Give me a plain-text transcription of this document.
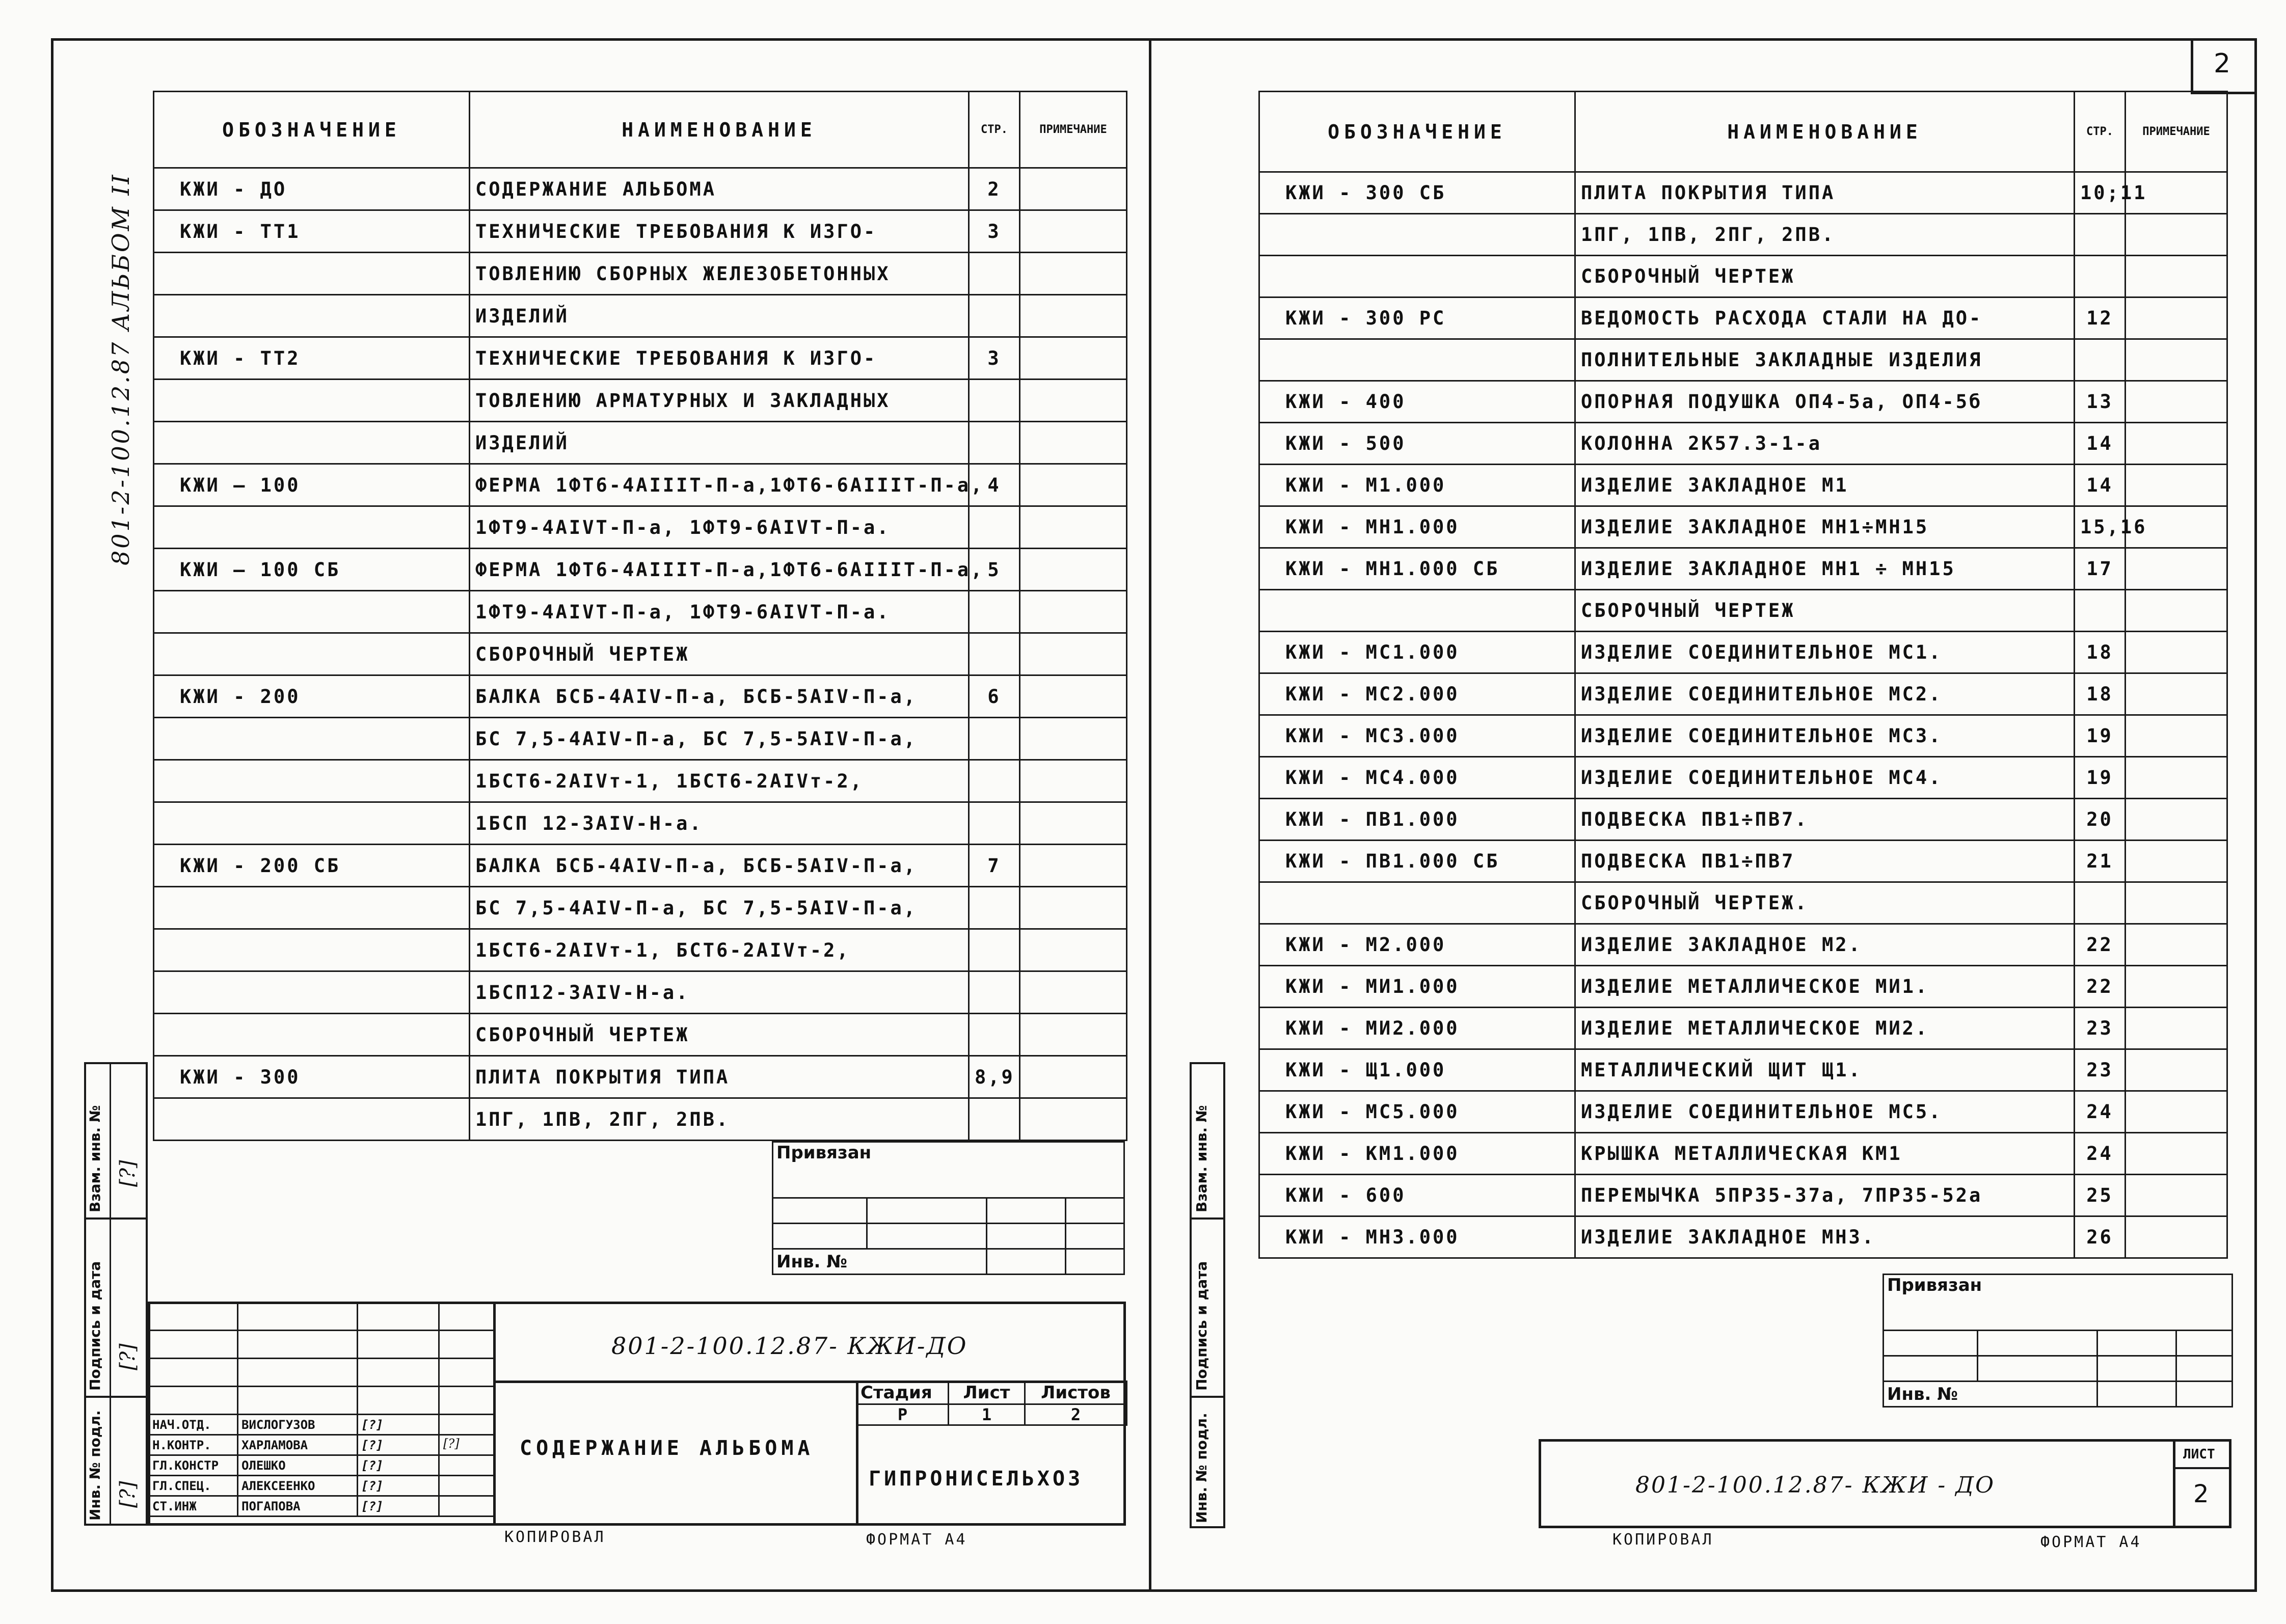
801-2-100.12.87 АЛЬБОМ II
ОБОЗНАЧЕНИЕ	НАИМЕНОВАНИЕ	СТР.	ПРИМЕЧАНИЕ
КЖИ - ДО	СОДЕРЖАНИЕ АЛЬБОМА	2	
КЖИ - ТТ1	ТЕХНИЧЕСКИЕ ТРЕБОВАНИЯ К ИЗГО-	3	
	ТОВЛЕНИЮ СБОРНЫХ ЖЕЛЕЗОБЕТОННЫХ		
	ИЗДЕЛИЙ		
КЖИ - ТТ2	ТЕХНИЧЕСКИЕ ТРЕБОВАНИЯ К ИЗГО-	3	
	ТОВЛЕНИЮ АРМАТУРНЫХ И ЗАКЛАДНЫХ		
	ИЗДЕЛИЙ		
КЖИ — 100	ФЕРМА 1ФТ6-4АIIIТ-П-а,1ФТ6-6АIIIТ-П-а,	4	
	1ФТ9-4АIVТ-П-а, 1ФТ9-6АIVТ-П-а.		
КЖИ — 100 СБ	ФЕРМА 1ФТ6-4АIIIТ-П-а,1ФТ6-6АIIIТ-П-а,	5	
	1ФТ9-4АIVТ-П-а, 1ФТ9-6АIVТ-П-а.		
	СБОРОЧНЫЙ ЧЕРТЕЖ		
КЖИ - 200	БАЛКА БСБ-4АIV-П-а, БСБ-5АIV-П-а,	6	
	БС 7,5-4АIV-П-а, БС 7,5-5АIV-П-а,		
	1БСТ6-2АIVт-1, 1БСТ6-2АIVт-2,		
	1БСП 12-3АIV-Н-а.		
КЖИ - 200 СБ	БАЛКА БСБ-4АIV-П-а, БСБ-5АIV-П-а,	7	
	БС 7,5-4АIV-П-а, БС 7,5-5АIV-П-а,		
	1БСТ6-2АIVт-1, БСТ6-2АIVт-2,		
	1БСП12-3АIV-Н-а.		
	СБОРОЧНЫЙ ЧЕРТЕЖ		
КЖИ - 300	ПЛИТА ПОКРЫТИЯ ТИПА	8,9	
	1ПГ, 1ПВ, 2ПГ, 2ПВ.		
Привязан			

Инв. №			

НАЧ.ОТД.	ВИСЛОГУЗОВ	[?]	
Н.КОНТР.	ХАРЛАМОВА	[?]	
ГЛ.КОНСТР	ОЛЕШКО	[?]	
ГЛ.СПЕЦ.	АЛЕКСЕЕНКО	[?]	
СТ.ИНЖ	ПОГАПОВА	[?]	
801-2-100.12.87- КЖИ-ДО
СОДЕРЖАНИЕ АЛЬБОМА
Стадия	Лист	Листов
Р	1	2
ГИПРОНИСЕЛЬХОЗ
Взам. инв. №
Подпись и дата
Инв. № подл.
[?]
[?]
[?]
[?]
КОПИРОВАЛ	ФОРМАТ А4
2
ОБОЗНАЧЕНИЕ	НАИМЕНОВАНИЕ	СТР.	ПРИМЕЧАНИЕ
КЖИ - 300 СБ	ПЛИТА ПОКРЫТИЯ ТИПА	10;11	
	1ПГ, 1ПВ, 2ПГ, 2ПВ.		
	СБОРОЧНЫЙ ЧЕРТЕЖ		
КЖИ - 300 РС	ВЕДОМОСТЬ РАСХОДА СТАЛИ НА ДО-	12	
	ПОЛНИТЕЛЬНЫЕ ЗАКЛАДНЫЕ ИЗДЕЛИЯ		
КЖИ - 400	ОПОРНАЯ ПОДУШКА ОП4-5а, ОП4-5б	13	
КЖИ - 500	КОЛОННА 2К57.3-1-а	14	
КЖИ - М1.000	ИЗДЕЛИЕ ЗАКЛАДНОЕ М1	14	
КЖИ - МН1.000	ИЗДЕЛИЕ ЗАКЛАДНОЕ МН1÷МН15	15,16	
КЖИ - МН1.000 СБ	ИЗДЕЛИЕ ЗАКЛАДНОЕ МН1 ÷ МН15	17	
	СБОРОЧНЫЙ ЧЕРТЕЖ		
КЖИ - МС1.000	ИЗДЕЛИЕ СОЕДИНИТЕЛЬНОЕ МС1.	18	
КЖИ - МС2.000	ИЗДЕЛИЕ СОЕДИНИТЕЛЬНОЕ МС2.	18	
КЖИ - МС3.000	ИЗДЕЛИЕ СОЕДИНИТЕЛЬНОЕ МС3.	19	
КЖИ - МС4.000	ИЗДЕЛИЕ СОЕДИНИТЕЛЬНОЕ МС4.	19	
КЖИ - ПВ1.000	ПОДВЕСКА ПВ1÷ПВ7.	20	
КЖИ - ПВ1.000 СБ	ПОДВЕСКА ПВ1÷ПВ7	21	
	СБОРОЧНЫЙ ЧЕРТЕЖ.		
КЖИ - М2.000	ИЗДЕЛИЕ ЗАКЛАДНОЕ М2.	22	
КЖИ - МИ1.000	ИЗДЕЛИЕ МЕТАЛЛИЧЕСКОЕ МИ1.	22	
КЖИ - МИ2.000	ИЗДЕЛИЕ МЕТАЛЛИЧЕСКОЕ МИ2.	23	
КЖИ - Щ1.000	МЕТАЛЛИЧЕСКИЙ ЩИТ Щ1.	23	
КЖИ - МС5.000	ИЗДЕЛИЕ СОЕДИНИТЕЛЬНОЕ МС5.	24	
КЖИ - КМ1.000	КРЫШКА МЕТАЛЛИЧЕСКАЯ КМ1	24	
КЖИ - 600	ПЕРЕМЫЧКА 5ПР35-37а, 7ПР35-52а	25	
КЖИ - МН3.000	ИЗДЕЛИЕ ЗАКЛАДНОЕ МН3.	26	
Привязан			

Инв. №			
ЛИСТ
2
801-2-100.12.87- КЖИ - ДО
Взам. инв. №
Подпись и дата
Инв. № подл.
КОПИРОВАЛ	ФОРМАТ А4
